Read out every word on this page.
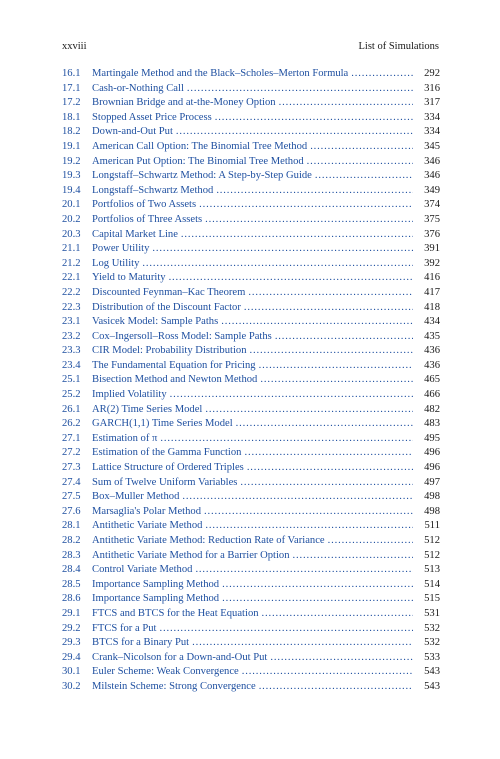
xxviii	List of Simulations
16.1	Martingale Method and the Black–Scholes–Merton Formula . . .	292
17.1	Cash-or-Nothing Call . . .	316
17.2	Brownian Bridge and at-the-Money Option . . .	317
18.1	Stopped Asset Price Process . . .	334
18.2	Down-and-Out Put . . .	334
19.1	American Call Option: The Binomial Tree Method . . .	345
19.2	American Put Option: The Binomial Tree Method . . .	346
19.3	Longstaff–Schwartz Method: A Step-by-Step Guide . . .	346
19.4	Longstaff–Schwartz Method . . .	349
20.1	Portfolios of Two Assets . . .	374
20.2	Portfolios of Three Assets . . .	375
20.3	Capital Market Line . . .	376
21.1	Power Utility . . .	391
21.2	Log Utility . . .	392
22.1	Yield to Maturity . . .	416
22.2	Discounted Feynman–Kac Theorem . . .	417
22.3	Distribution of the Discount Factor . . .	418
23.1	Vasicek Model: Sample Paths . . .	434
23.2	Cox–Ingersoll–Ross Model: Sample Paths . . .	435
23.3	CIR Model: Probability Distribution . . .	436
23.4	The Fundamental Equation for Pricing . . .	436
25.1	Bisection Method and Newton Method . . .	465
25.2	Implied Volatility . . .	466
26.1	AR(2) Time Series Model . . .	482
26.2	GARCH(1,1) Time Series Model . . .	483
27.1	Estimation of π . . .	495
27.2	Estimation of the Gamma Function . . .	496
27.3	Lattice Structure of Ordered Triples . . .	496
27.4	Sum of Twelve Uniform Variables . . .	497
27.5	Box–Muller Method . . .	498
27.6	Marsaglia's Polar Method . . .	498
28.1	Antithetic Variate Method . . .	511
28.2	Antithetic Variate Method: Reduction Rate of Variance . . .	512
28.3	Antithetic Variate Method for a Barrier Option . . .	512
28.4	Control Variate Method . . .	513
28.5	Importance Sampling Method . . .	514
28.6	Importance Sampling Method . . .	515
29.1	FTCS and BTCS for the Heat Equation . . .	531
29.2	FTCS for a Put . . .	532
29.3	BTCS for a Binary Put . . .	532
29.4	Crank–Nicolson for a Down-and-Out Put . . .	533
30.1	Euler Scheme: Weak Convergence . . .	543
30.2	Milstein Scheme: Strong Convergence . . .	543
